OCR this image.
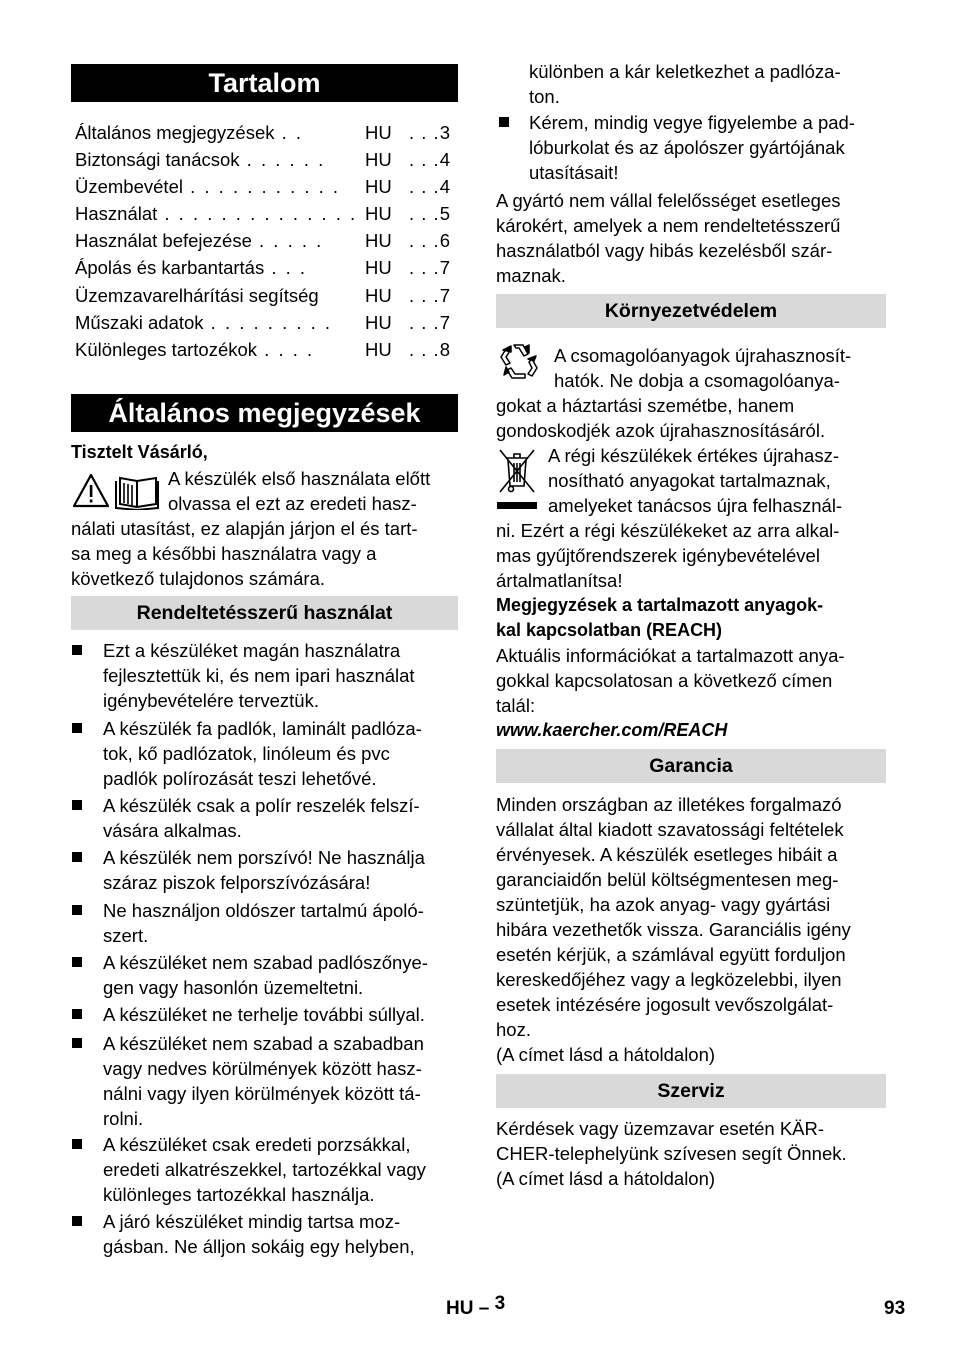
Tartalom
Általános megjegyzések . .	HU . . .3
Biztonsági tanácsok . . . . . . HU . . .4
Üzembevétel . . . . . . . . . . . HU . . .4
Használat . . . . . . . . . . . . . . HU . . .5
Használat befejezése . . . . . HU . . .6
Ápolás és karbantartás . . .	HU . . .7
Üzemzavarelhárítási segítség	HU . . .7
Műszaki adatok . . . . . . . . . HU . . .7
Különleges tartozékok . . . .	HU . . .8
Általános megjegyzések
Tisztelt Vásárló,
A készülék első használata előtt
olvassa el ezt az eredeti hasz-
nálati utasítást, ez alapján járjon el és tart-
sa meg a későbbi használatra vagy a
következő tulajdonos számára.
Rendeltetésszerű használat
Ezt a készüléket magán használatra
fejlesztettük ki, és nem ipari használat
igénybevételére terveztük.
A készülék fa padlók, laminált padlóza-
tok, kő padlózatok, linóleum és pvc
padlók polírozását teszi lehetővé.
A készülék csak a polír reszelék felszí-
vására alkalmas.
A készülék nem porszívó! Ne használja
száraz piszok felporszívózására!
Ne használjon oldószer tartalmú ápoló-
szert.
A készüléket nem szabad padlószőnye-
gen vagy hasonlón üzemeltetni.
A készüléket ne terhelje további súllyal.
A készüléket nem szabad a szabadban
vagy nedves körülmények között hasz-
nálni vagy ilyen körülmények között tá-
rolni.
A készüléket csak eredeti porzsákkal,
eredeti alkatrészekkel, tartozékkal vagy
különleges tartozékkal használja.
A járó készüléket mindig tartsa moz-
gásban. Ne álljon sokáig egy helyben,
különben a kár keletkezhet a padlóza-
ton.
Kérem, mindig vegye figyelembe a pad-
lóburkolat és az ápolószer gyártójának
utasításait!
A gyártó nem vállal felelősséget esetleges
károkért, amelyek a nem rendeltetésszerű
használatból vagy hibás kezelésből szár-
maznak.
Környezetvédelem
A csomagolóanyagok újrahasznosít-
hatók. Ne dobja a csomagolóanya-
gokat a háztartási szemétbe, hanem
gondoskodjék azok újrahasznosításáról.
A régi készülékek értékes újrahasz-
nosítható anyagokat tartalmaznak,
amelyeket tanácsos újra felhasznál-
ni. Ezért a régi készülékeket az arra alkal-
mas gyűjtőrendszerek igénybevételével
ártalmatlanítsa!
Megjegyzések a tartalmazott anyagok-
kal kapcsolatban (REACH)
Aktuális információkat a tartalmazott anya-
gokkal kapcsolatosan a következő címen
talál:
www.kaercher.com/REACH
Garancia
Minden országban az illetékes forgalmazó
vállalat által kiadott szavatossági feltételek
érvényesek. A készülék esetleges hibáit a
garanciaidőn belül költségmentesen meg-
szüntetjük, ha azok anyag- vagy gyártási
hibára vezethetők vissza. Garanciális igény
esetén kérjük, a számlával együtt forduljon
kereskedőjéhez vagy a legközelebbi, ilyen
esetek intézésére jogosult vevőszolgálat-
hoz.
(A címet lásd a hátoldalon)
Szerviz
Kérdések vagy üzemzavar esetén KÄR-
CHER-telephelyünk szívesen segít Önnek.
(A címet lásd a hátoldalon)
HU – 3	93
